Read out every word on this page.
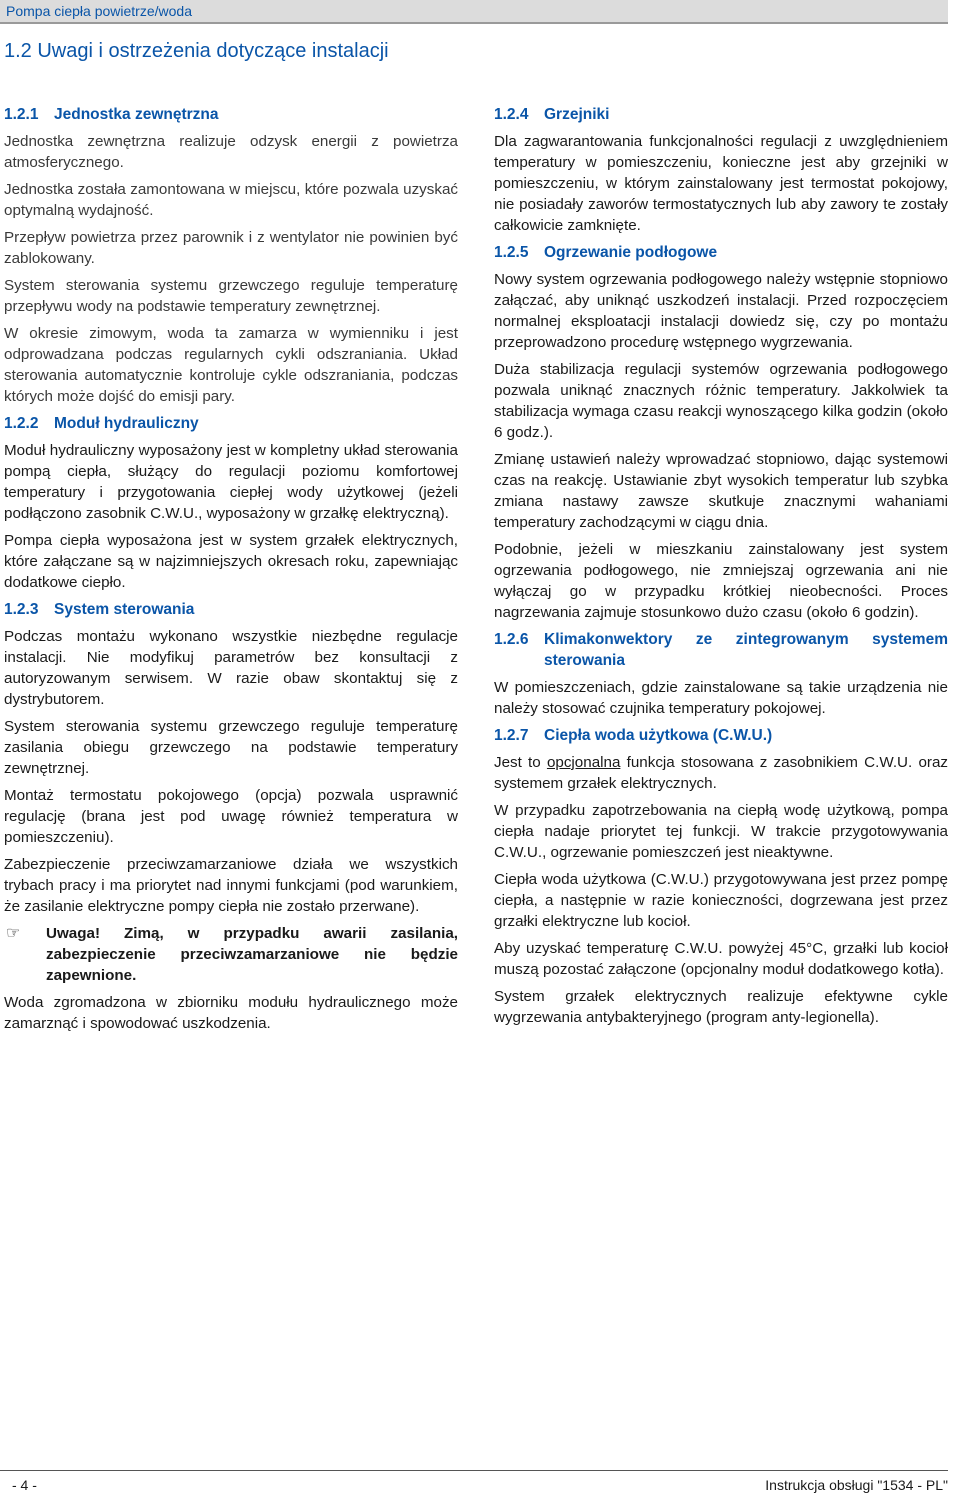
Pompa ciepła powietrze/woda
1.2 Uwagi i ostrzeżenia dotyczące instalacji
1.2.1 Jednostka zewnętrzna

Jednostka zewnętrzna realizuje odzysk energii z powietrza atmosferycznego.

Jednostka została zamontowana w miejscu, które pozwala uzyskać optymalną wydajność.

Przepływ powietrza przez parownik i z wentylator nie powinien być zablokowany.

System sterowania systemu grzewczego reguluje temperaturę przepływu wody na podstawie temperatury zewnętrznej.

W okresie zimowym, woda ta zamarza w wymienniku i jest odprowadzana podczas regularnych cykli odszraniania. Układ sterowania automatycznie kontroluje cykle odszraniania, podczas których może dojść do emisji pary.

1.2.2 Moduł hydrauliczny

Moduł hydrauliczny wyposażony jest w kompletny układ sterowania pompą ciepła, służący do regulacji poziomu komfortowej temperatury i przygotowania ciepłej wody użytkowej (jeżeli podłączono zasobnik C.W.U., wyposażony w grzałkę elektryczną).

Pompa ciepła wyposażona jest w system grzałek elektrycznych, które załączane są w najzimniejszych okresach roku, zapewniając dodatkowe ciepło.

1.2.3 System sterowania

Podczas montażu wykonano wszystkie niezbędne regulacje instalacji. Nie modyfikuj parametrów bez konsultacji z autoryzowanym serwisem. W razie obaw skontaktuj się z dystrybutorem.

System sterowania systemu grzewczego reguluje temperaturę zasilania obiegu grzewczego na podstawie temperatury zewnętrznej.

Montaż termostatu pokojowego (opcja) pozwala usprawnić regulację (brana jest pod uwagę również temperatura w pomieszczeniu).

Zabezpieczenie przeciwzamarzaniowe działa we wszystkich trybach pracy i ma priorytet nad innymi funkcjami (pod warunkiem, że zasilanie elektryczne pompy ciepła nie zostało przerwane).

☞	Uwaga! Zimą, w przypadku awarii zasilania, zabezpieczenie przeciwzamarzaniowe nie będzie zapewnione.

Woda zgromadzona w zbiorniku modułu hydraulicznego może zamarznąć i spowodować uszkodzenia.

1.2.4 Grzejniki

Dla zagwarantowania funkcjonalności regulacji z uwzględnieniem temperatury w pomieszczeniu, konieczne jest aby grzejniki w pomieszczeniu, w którym zainstalowany jest termostat pokojowy, nie posiadały zaworów termostatycznych lub aby zawory te zostały całkowicie zamknięte.

1.2.5 Ogrzewanie podłogowe

Nowy system ogrzewania podłogowego należy wstępnie stopniowo załączać, aby uniknąć uszkodzeń instalacji. Przed rozpoczęciem normalnej eksploatacji instalacji dowiedz się, czy po montażu przeprowadzono procedurę wstępnego wygrzewania.

Duża stabilizacja regulacji systemów ogrzewania podłogowego pozwala uniknąć znacznych różnic temperatury. Jakkolwiek ta stabilizacja wymaga czasu reakcji wynoszącego kilka godzin (około 6 godz.).

Zmianę ustawień należy wprowadzać stopniowo, dając systemowi czas na reakcję. Ustawianie zbyt wysokich temperatur lub szybka zmiana nastawy zawsze skutkuje znacznymi wahaniami temperatury zachodzącymi w ciągu dnia.

Podobnie, jeżeli w mieszkaniu zainstalowany jest system ogrzewania podłogowego, nie zmniejszaj ogrzewania ani nie wyłączaj go w przypadku krótkiej nieobecności. Proces nagrzewania zajmuje stosunkowo dużo czasu (około 6 godzin).

1.2.6	Klimakonwektory ze zintegrowanym systemem sterowania

W pomieszczeniach, gdzie zainstalowane są takie urządzenia nie należy stosować czujnika temperatury pokojowej.

1.2.7 Ciepła woda użytkowa (C.W.U.)

Jest to opcjonalna funkcja stosowana z zasobnikiem C.W.U. oraz systemem grzałek elektrycznych.

W przypadku zapotrzebowania na ciepłą wodę użytkową, pompa ciepła nadaje priorytet tej funkcji. W trakcie przygotowywania C.W.U., ogrzewanie pomieszczeń jest nieaktywne.

Ciepła woda użytkowa (C.W.U.) przygotowywana jest przez pompę ciepła, a następnie w razie konieczności, dogrzewana jest przez grzałki elektryczne lub kocioł.

Aby uzyskać temperaturę C.W.U. powyżej 45°C, grzałki lub kocioł muszą pozostać załączone (opcjonalny moduł dodatkowego kotła).

System grzałek elektrycznych realizuje efektywne cykle wygrzewania antybakteryjnego (program anty-legionella).

- 4 -	Instrukcja obsługi "1534 - PL"
